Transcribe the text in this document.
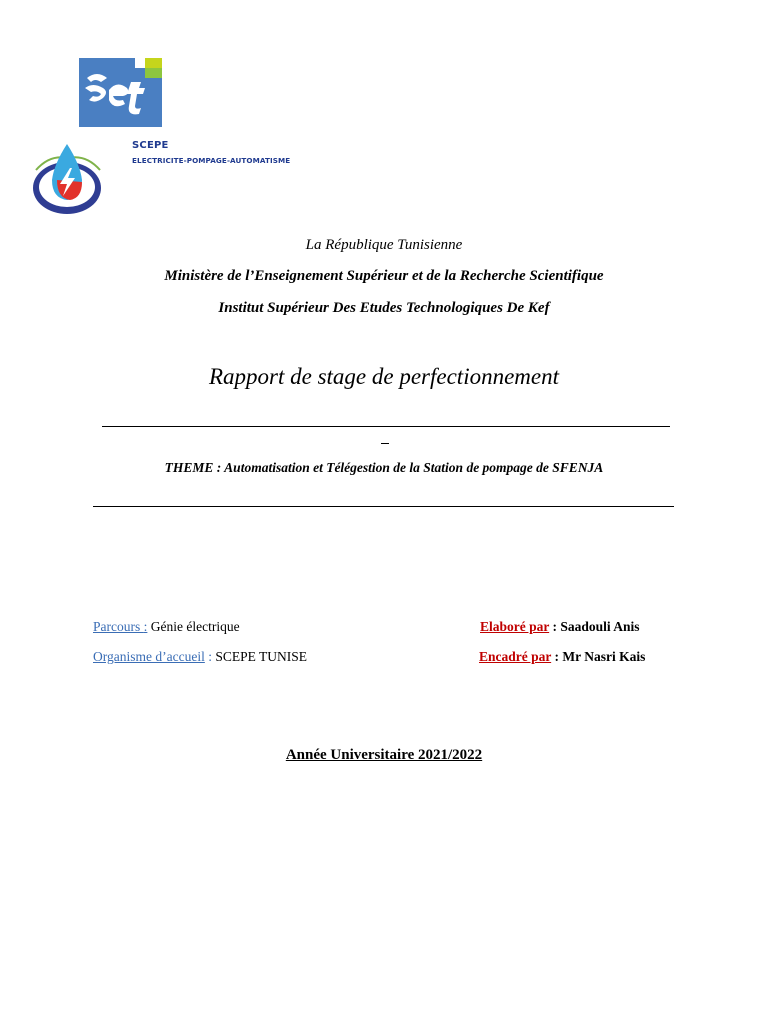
SCEPE
ELECTRICITE-POMPAGE-AUTOMATISME
La République Tunisienne
Ministère de l’Enseignement Supérieur et de la Recherche Scientifique
Institut Supérieur Des Etudes Technologiques De Kef
Rapport de stage de perfectionnement
THEME : Automatisation et Télégestion de la Station de pompage de SFENJA
Parcours : Génie électrique
Organisme d’accueil : SCEPE TUNISE
Elaboré par : Saadouli Anis
Encadré par : Mr Nasri Kais
Année Universitaire 2021/2022
